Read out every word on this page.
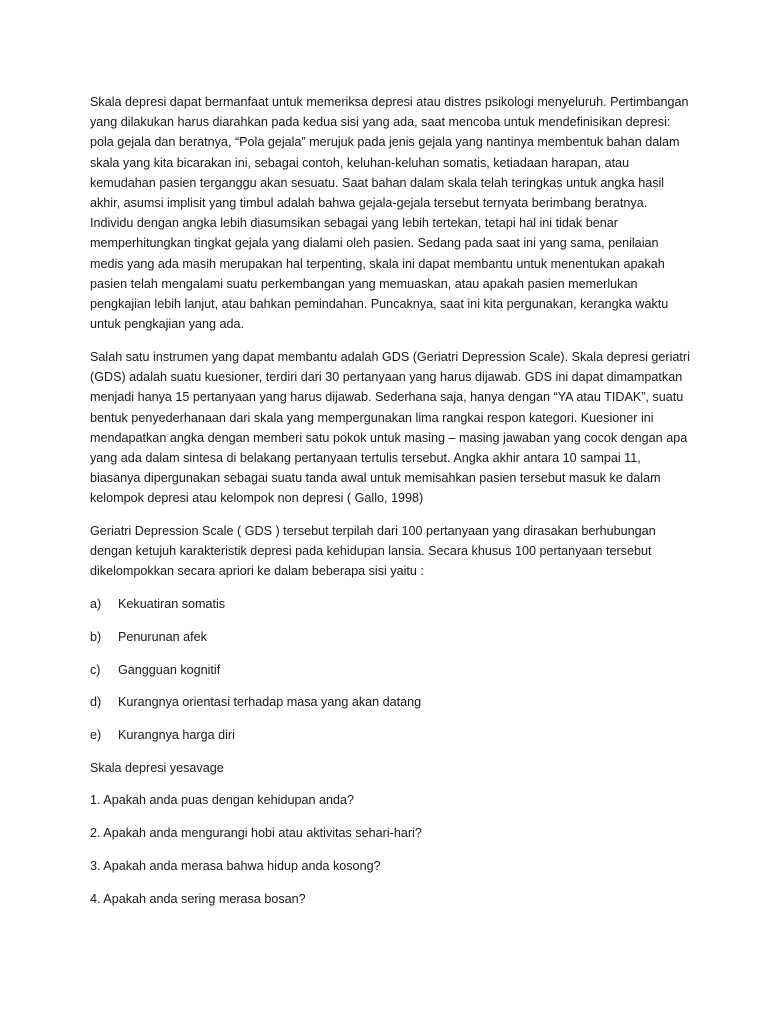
Skala depresi dapat bermanfaat untuk memeriksa depresi atau distres psikologi menyeluruh. Pertimbangan yang dilakukan harus diarahkan pada kedua sisi yang ada, saat mencoba untuk mendefinisikan depresi: pola gejala dan beratnya, “Pola gejala” merujuk pada jenis gejala yang nantinya membentuk bahan dalam skala yang kita bicarakan ini, sebagai contoh, keluhan-keluhan somatis, ketiadaan harapan, atau kemudahan pasien terganggu akan sesuatu. Saat bahan dalam skala telah teringkas untuk angka hasil akhir, asumsi implisit yang timbul adalah bahwa gejala-gejala tersebut ternyata berimbang beratnya. Individu dengan angka lebih diasumsikan sebagai yang lebih tertekan, tetapi hal ini tidak benar memperhitungkan tingkat gejala yang dialami oleh pasien. Sedang pada saat ini yang sama, penilaian medis yang ada masih merupakan hal terpenting, skala ini dapat membantu untuk menentukan apakah pasien telah mengalami suatu perkembangan yang memuaskan, atau apakah pasien memerlukan pengkajian lebih lanjut, atau bahkan pemindahan. Puncaknya, saat ini kita pergunakan, kerangka waktu untuk pengkajian yang ada.

Salah satu instrumen yang dapat membantu adalah GDS (Geriatri Depression Scale). Skala depresi geriatri (GDS) adalah suatu kuesioner, terdiri dari 30 pertanyaan yang harus dijawab. GDS ini dapat dimampatkan menjadi hanya 15 pertanyaan yang harus dijawab. Sederhana saja, hanya dengan “YA atau TIDAK”, suatu bentuk penyederhanaan dari skala yang mempergunakan lima rangkai respon kategori. Kuesioner ini mendapatkan angka dengan memberi satu pokok untuk masing – masing jawaban yang cocok dengan apa yang ada dalam sintesa di belakang pertanyaan tertulis tersebut. Angka akhir antara 10 sampai 11, biasanya dipergunakan sebagai suatu tanda awal untuk memisahkan pasien tersebut masuk ke dalam kelompok depresi atau kelompok non depresi ( Gallo, 1998)

Geriatri Depression Scale ( GDS ) tersebut terpilah dari 100 pertanyaan yang dirasakan berhubungan dengan ketujuh karakteristik depresi pada kehidupan lansia. Secara khusus 100 pertanyaan tersebut dikelompokkan secara apriori ke dalam beberapa sisi yaitu :

a)	Kekuatiran somatis
b)	Penurunan afek
c)	Gangguan kognitif
d)	Kurangnya orientasi terhadap masa yang akan datang
e)	Kurangnya harga diri

Skala depresi yesavage

1. Apakah anda puas dengan kehidupan anda?

2. Apakah anda mengurangi hobi atau aktivitas sehari-hari?

3. Apakah anda merasa bahwa hidup anda kosong?

4. Apakah anda sering merasa bosan?
